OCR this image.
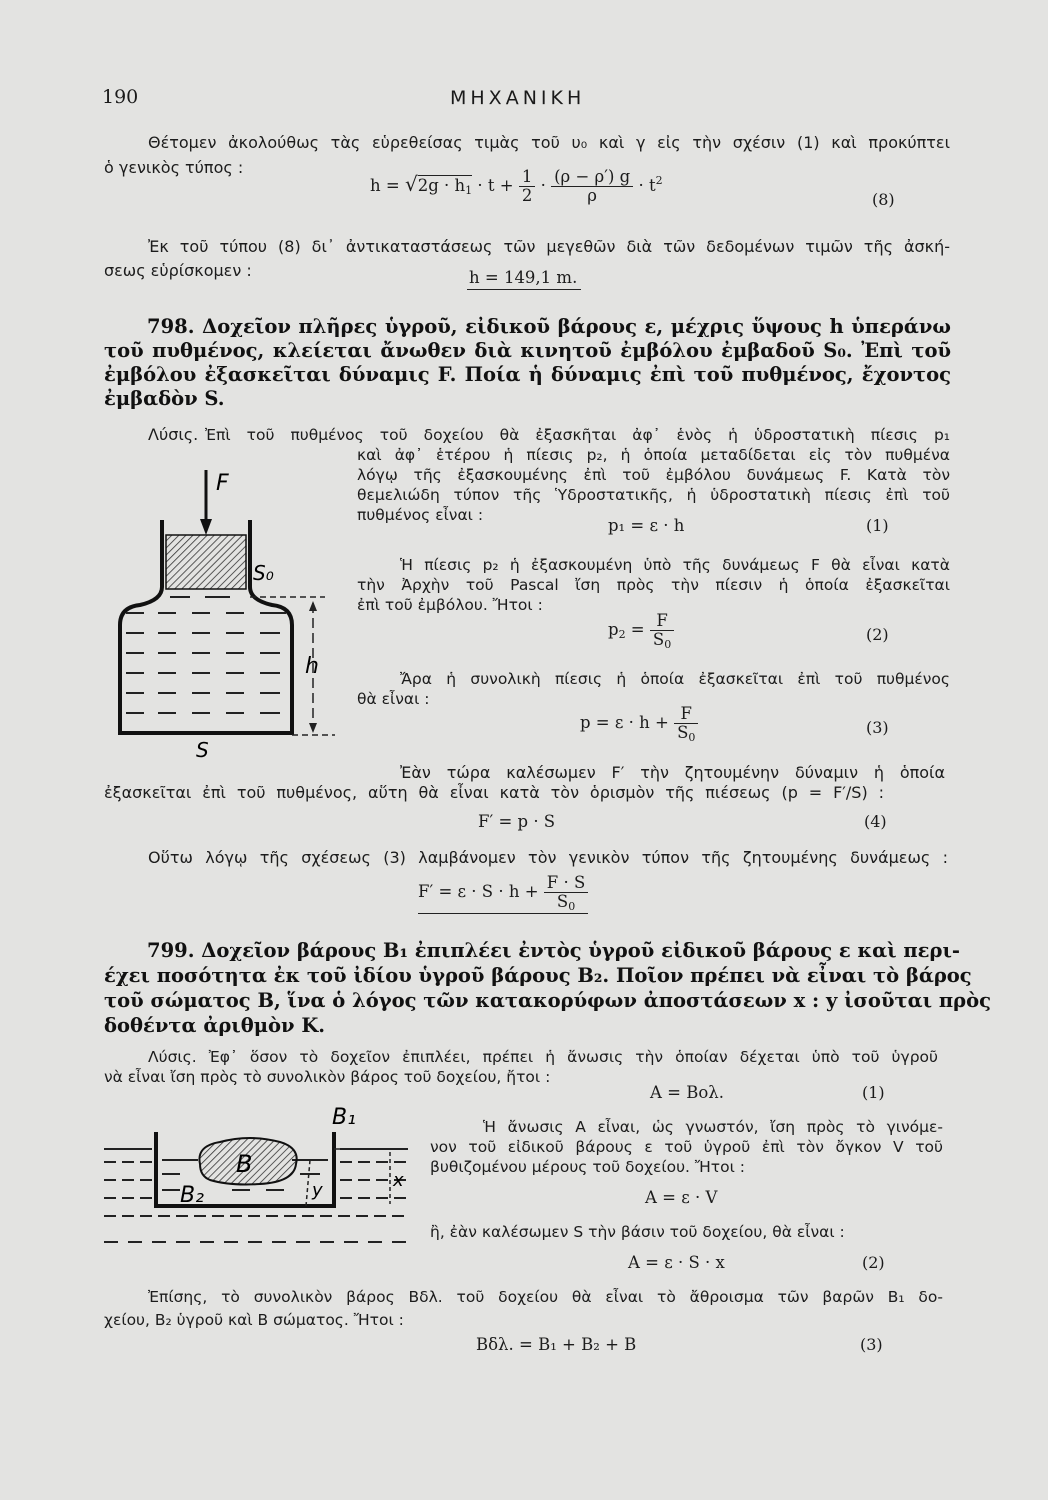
190	ΜΗΧΑΝΙΚΗ
Θέτομεν ἀκολούθως τὰς εὑρεθείσας τιμὰς τοῦ υ₀ καὶ γ εἰς τὴν σχέσιν (1) καὶ προκύπτει
ὁ γενικὸς τύπος :
$h = √2g \cdot h_1 \cdot t + \frac{1}{2} \cdot \frac{(\rho - \rho') g}{\rho} \cdot t^2$
(8)
Ἐκ τοῦ τύπου (8) δι᾿ ἀντικαταστάσεως τῶν μεγεθῶν διὰ τῶν δεδομένων τιμῶν τῆς ἀσκή-
σεως εὑρίσκομεν :	h = 149,1 m.
798. Δοχεῖον πλῆρες ὑγροῦ, εἰδικοῦ βάρους ε, μέχρις ὕψους h ὑπεράνω
τοῦ πυθμένος, κλείεται ἄνωθεν διὰ κινητοῦ ἐμβόλου ἐμβαδοῦ S₀. Ἐπὶ τοῦ
ἐμβόλου ἐξασκεῖται δύναμις F. Ποία ἡ δύναμις ἐπὶ τοῦ πυθμένος, ἔχοντος
ἐμβαδὸν S.
Λύσις. Ἐπὶ τοῦ πυθμένος τοῦ δοχείου θὰ ἐξασκῆται ἀφ᾿ ἑνὸς ἡ ὑδροστατικὴ πίεσις p₁
καὶ ἀφ᾿ ἑτέρου ἡ πίεσις p₂, ἡ ὁποία μεταδίδεται εἰς τὸν πυθμένα
λόγῳ τῆς ἐξασκουμένης ἐπὶ τοῦ ἐμβόλου δυνάμεως F. Κατὰ τὸν
θεμελιώδη τύπον τῆς Ὑδροστατικῆς, ἡ ὑδροστατικὴ πίεσις ἐπὶ τοῦ
πυθμένος εἶναι :
p₁ = ε · h	(1)
Ἡ πίεσις p₂ ἡ ἐξασκουμένη ὑπὸ τῆς δυνάμεως F θὰ εἶναι κατὰ
τὴν Ἀρχὴν τοῦ Pascal ἴση πρὸς τὴν πίεσιν ἡ ὁποία ἐξασκεῖται
ἐπὶ τοῦ ἐμβόλου. Ἤτοι :
$p_2 = \frac{F}{S_0}$	(2)
Ἄρα ἡ συνολικὴ πίεσις ἡ ὁποία ἐξασκεῖται ἐπὶ τοῦ πυθμένος
θὰ εἶναι :
$p = \varepsilon \cdot h + \frac{F}{S_0}$	(3)
Ἐὰν τώρα καλέσωμεν F′ τὴν ζητουμένην δύναμιν ἡ ὁποία
ἐξασκεῖται ἐπὶ τοῦ πυθμένος, αὕτη θὰ εἶναι κατὰ τὸν ὁρισμὸν τῆς πιέσεως (p = F′/S) :
F′ = p · S	(4)
Οὕτω λόγῳ τῆς σχέσεως (3) λαμβάνομεν τὸν γενικὸν τύπον τῆς ζητουμένης δυνάμεως :
$F' = \varepsilon \cdot S \cdot h + \frac{F \cdot S}{S_0}$
F
S₀
h
S
799. Δοχεῖον βάρους B₁ ἐπιπλέει ἐντὸς ὑγροῦ εἰδικοῦ βάρους ε καὶ περι-
έχει ποσότητα ἐκ τοῦ ἰδίου ὑγροῦ βάρους B₂. Ποῖον πρέπει νὰ εἶναι τὸ βάρος
τοῦ σώματος B, ἵνα ὁ λόγος τῶν κατακορύφων ἀποστάσεων x : y ἰσοῦται πρὸς
δοθέντα ἀριθμὸν K.
Λύσις. Ἐφ᾿ ὅσον τὸ δοχεῖον ἐπιπλέει, πρέπει ἡ ἄνωσις τὴν ὁποίαν δέχεται ὑπὸ τοῦ ὑγροῦ
νὰ εἶναι ἴση πρὸς τὸ συνολικὸν βάρος τοῦ δοχείου, ἤτοι :
A = Bολ.	(1)
Ἡ ἄνωσις A εἶναι, ὡς γνωστόν, ἴση πρὸς τὸ γινόμε-
νον τοῦ εἰδικοῦ βάρους ε τοῦ ὑγροῦ ἐπὶ τὸν ὄγκον V τοῦ
βυθιζομένου μέρους τοῦ δοχείου. Ἤτοι :
A = ε · V
ἢ, ἐὰν καλέσωμεν S τὴν βάσιν τοῦ δοχείου, θὰ εἶναι :
A = ε · S · x	(2)
Ἐπίσης, τὸ συνολικὸν βάρος Bδλ. τοῦ δοχείου θὰ εἶναι τὸ ἄθροισμα τῶν βαρῶν B₁ δο-
χείου, B₂ ὑγροῦ καὶ B σώματος. Ἤτοι :
Bδλ. = B₁ + B₂ + B	(3)
B₁
B
B₂
x
y
